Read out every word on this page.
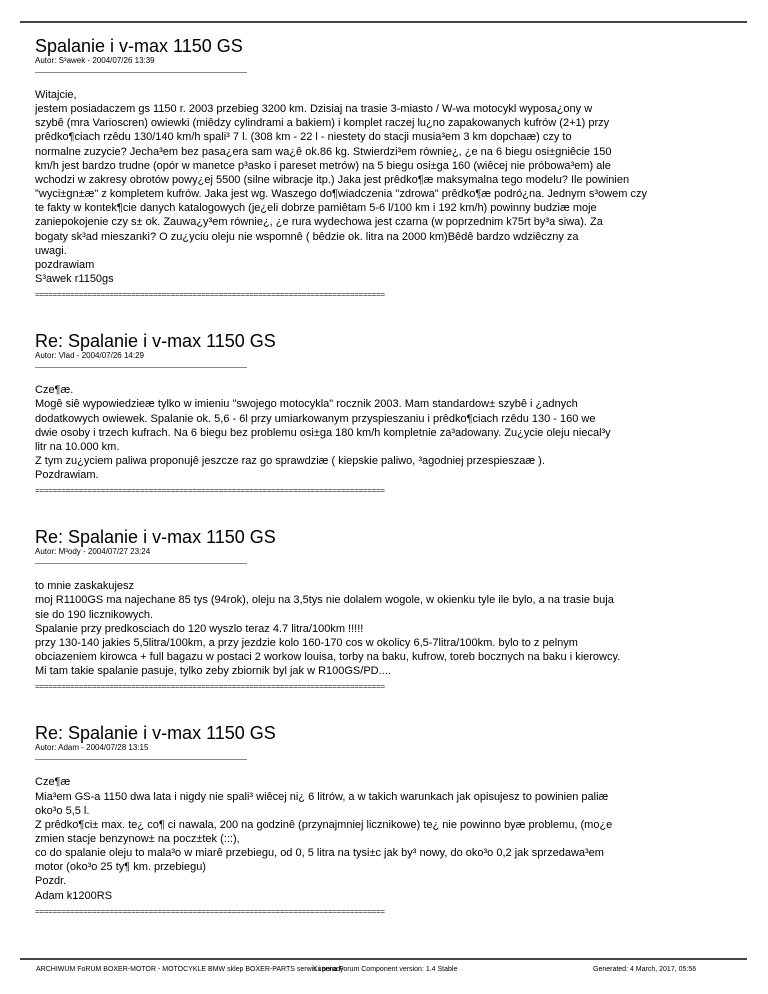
Spalanie i v-max 1150 GS
Autor: S³awek - 2004/07/26 13:39

Witajcie,

jestem posiadaczem gs 1150 r. 2003 przebieg 3200 km. Dzisiaj na trasie 3-miasto / W-wa motocykl wyposa¿ony w

szybê (mra Varioscren) owiewki (miêdzy cylindrami a bakiem) i komplet raczej lu¿no zapakowanych kufrów (2+1) przy

prêdko¶ciach rzêdu 130/140 km/h spali³ 7 l. (308 km - 22 l - niestety do stacji musia³em 3 km dopchaæ) czy to

normalne zuzycie? Jecha³em bez pasa¿era sam wa¿ê ok.86 kg. Stwierdzi³em równie¿, ¿e na 6 biegu osi±gniêcie 150

km/h jest bardzo trudne (opór w manetce p³asko i pareset metrów) na 5 biegu osi±ga 160 (wiêcej nie próbowa³em) ale

wchodzi w zakresy obrotów powy¿ej 5500 (silne wibracje itp.) Jaka jest prêdko¶æ maksymalna tego modelu? Ile powinien

"wyci±gn±æ" z kompletem kufrów. Jaka jest wg. Waszego do¶wiadczenia "zdrowa" prêdko¶æ podró¿na. Jednym s³owem czy

te fakty w kontek¶cie danych katalogowych (je¿eli dobrze pamiêtam 5-6 l/100 km i 192 km/h) powinny budziæ moje

zaniepokojenie czy s± ok. Zauwa¿y³em równie¿, ¿e rura wydechowa jest czarna (w poprzednim k75rt by³a siwa). Za

bogaty sk³ad mieszanki? O zu¿yciu oleju nie wspomnê ( bêdzie ok. litra na 2000 km)Bêdê bardzo wdziêczny za

uwagi.

pozdrawiam

S³awek r1150gs

================================================================================
Re: Spalanie i v-max 1150 GS
Autor: Vlad - 2004/07/26 14:29

Cze¶æ.

Mogê siê wypowiedzieæ tylko w imieniu "swojego motocykla" rocznik 2003. Mam standardow± szybê i ¿adnych

dodatkowych owiewek. Spalanie ok. 5,6 - 6l przy umiarkowanym przyspieszaniu i prêdko¶ciach rzêdu 130 - 160 we

dwie osoby i trzech kufrach. Na 6 biegu bez problemu osi±ga 180 km/h kompletnie za³adowany. Zu¿ycie oleju niecal³y

litr na 10.000 km.

Z tym zu¿yciem paliwa proponujê jeszcze raz go sprawdziæ ( kiepskie paliwo, ³agodniej przespieszaæ ).

Pozdrawiam.

================================================================================
Re: Spalanie i v-max 1150 GS
Autor: M³ody - 2004/07/27 23:24

to mnie zaskakujesz

moj R1100GS ma najechane 85 tys (94rok), oleju na 3,5tys nie dolalem wogole, w okienku tyle ile bylo, a na trasie buja

sie do 190 licznikowych.

Spalanie przy predkosciach do 120 wyszlo teraz 4.7 litra/100km !!!!!

przy 130-140 jakies 5,5litra/100km, a przy jezdzie kolo 160-170 cos w okolicy 6,5-7litra/100km. bylo to z pelnym

obciazeniem kirowca + full bagazu w postaci 2 workow louisa, torby na baku, kufrow, toreb bocznych na baku i kierowcy.

Mi tam takie spalanie pasuje, tylko zeby zbiornik byl jak w R100GS/PD....

================================================================================
Re: Spalanie i v-max 1150 GS
Autor: Adam - 2004/07/28 13:15

Cze¶æ

Mia³em GS-a 1150 dwa lata i nigdy nie spali³ wiêcej ni¿ 6 litrów, a w takich warunkach jak opisujesz to powinien paliæ

oko³o 5,5 l.

Z prêdko¶ci± max. te¿ co¶ ci nawala, 200 na godzinê (przynajmniej licznikowe) te¿ nie powinno byæ problemu, (mo¿e

zmien stacje benzynow± na pocz±tek (:::),

co do spalanie oleju to mala³o w miarê przebiegu, od 0, 5 litra na tysi±c jak by³ nowy, do oko³o 0,2 jak sprzedawa³em

motor (oko³o 25 ty¶ km. przebiegu)

Pozdr.

Adam k1200RS

================================================================================
ARCHIWUM FoRUM BOXER-MOTOR - MOTOCYKLE BMW sklep BOXER-PARTS serwis i porady
Kunena Forum Component version: 1.4 Stable	Generated: 4 March, 2017, 05:56
